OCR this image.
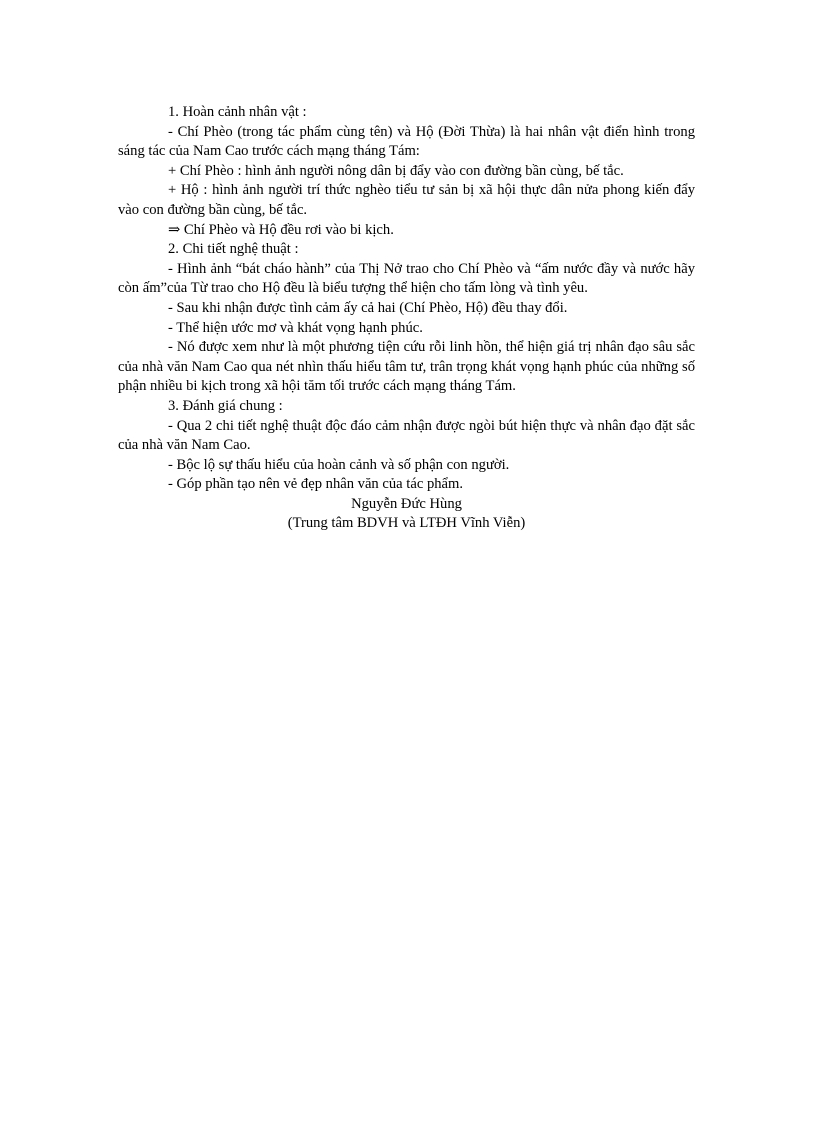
1. Hoàn cảnh nhân vật :

- Chí Phèo (trong tác phẩm cùng tên) và Hộ (Đời Thừa) là hai nhân vật điển hình trong sáng tác của Nam Cao trước cách mạng tháng Tám:

+ Chí Phèo : hình ảnh người nông dân bị đẩy vào con đường bần cùng, bế tắc.

+ Hộ : hình ảnh người trí thức nghèo tiểu tư sản bị xã hội thực dân nửa phong kiến đẩy vào con đường bần cùng, bế tắc.

⇒ Chí Phèo và Hộ đều rơi vào bi kịch.

2. Chi tiết nghệ thuật :

- Hình ảnh “bát cháo hành” của Thị Nở trao cho Chí Phèo và “ấm nước đầy và nước hãy còn ấm”của Từ trao cho Hộ đều là biểu tượng thể hiện cho tấm lòng và tình yêu.

- Sau khi nhận được tình cảm ấy cả hai (Chí Phèo, Hộ) đều thay đổi.

- Thể hiện ước mơ và khát vọng hạnh phúc.

- Nó được xem như là một phương tiện cứu rỗi linh hồn, thể hiện giá trị nhân đạo sâu sắc của nhà văn Nam Cao qua nét nhìn thấu hiểu tâm tư, trân trọng khát vọng hạnh phúc của những số phận nhiều bi kịch trong xã hội tăm tối trước cách mạng tháng Tám.

3. Đánh giá chung :

- Qua 2 chi tiết nghệ thuật độc đáo cảm nhận được ngòi bút hiện thực và nhân đạo đặt sắc của nhà văn Nam Cao.

- Bộc lộ sự thấu hiểu của hoàn cảnh và số phận con người.

- Góp phần tạo nên vẻ đẹp nhân văn của tác phẩm.

Nguyễn Đức Hùng

(Trung tâm BDVH và LTĐH Vĩnh Viễn)
